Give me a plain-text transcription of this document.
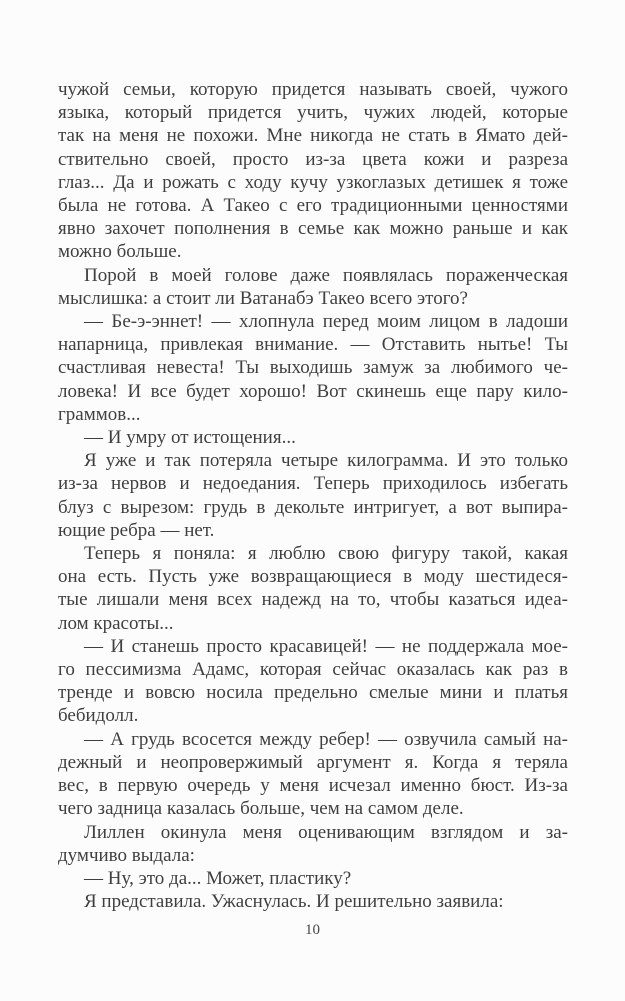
чужой семьи, которую придется называть своей, чужого
языка, который придется учить, чужих людей, которые
так на меня не похожи. Мне никогда не стать в Ямато дей-
ствительно своей, просто из-за цвета кожи и разреза
глаз... Да и рожать с ходу кучу узкоглазых детишек я тоже
была не готова. А Такео с его традиционными ценностями
явно захочет пополнения в семье как можно раньше и как
можно больше.
Порой в моей голове даже появлялась пораженческая
мыслишка: а стоит ли Ватанабэ Такео всего этого?
— Бе-э-эннет! — хлопнула перед моим лицом в ладоши
напарница, привлекая внимание. — Отставить нытье! Ты
счастливая невеста! Ты выходишь замуж за любимого че-
ловека! И все будет хорошо! Вот скинешь еще пару кило-
граммов...
— И умру от истощения...
Я уже и так потеряла четыре килограмма. И это только
из-за нервов и недоедания. Теперь приходилось избегать
блуз с вырезом: грудь в декольте интригует, а вот выпира-
ющие ребра — нет.
Теперь я поняла: я люблю свою фигуру такой, какая
она есть. Пусть уже возвращающиеся в моду шестидеся-
тые лишали меня всех надежд на то, чтобы казаться идеа-
лом красоты...
— И станешь просто красавицей! — не поддержала мое-
го пессимизма Адамс, которая сейчас оказалась как раз в
тренде и вовсю носила предельно смелые мини и платья
бебидолл.
— А грудь всосется между ребер! — озвучила самый на-
дежный и неопровержимый аргумент я. Когда я теряла
вес, в первую очередь у меня исчезал именно бюст. Из-за
чего задница казалась больше, чем на самом деле.
Лиллен окинула меня оценивающим взглядом и за-
думчиво выдала:
— Ну, это да... Может, пластику?
Я представила. Ужаснулась. И решительно заявила:
10
